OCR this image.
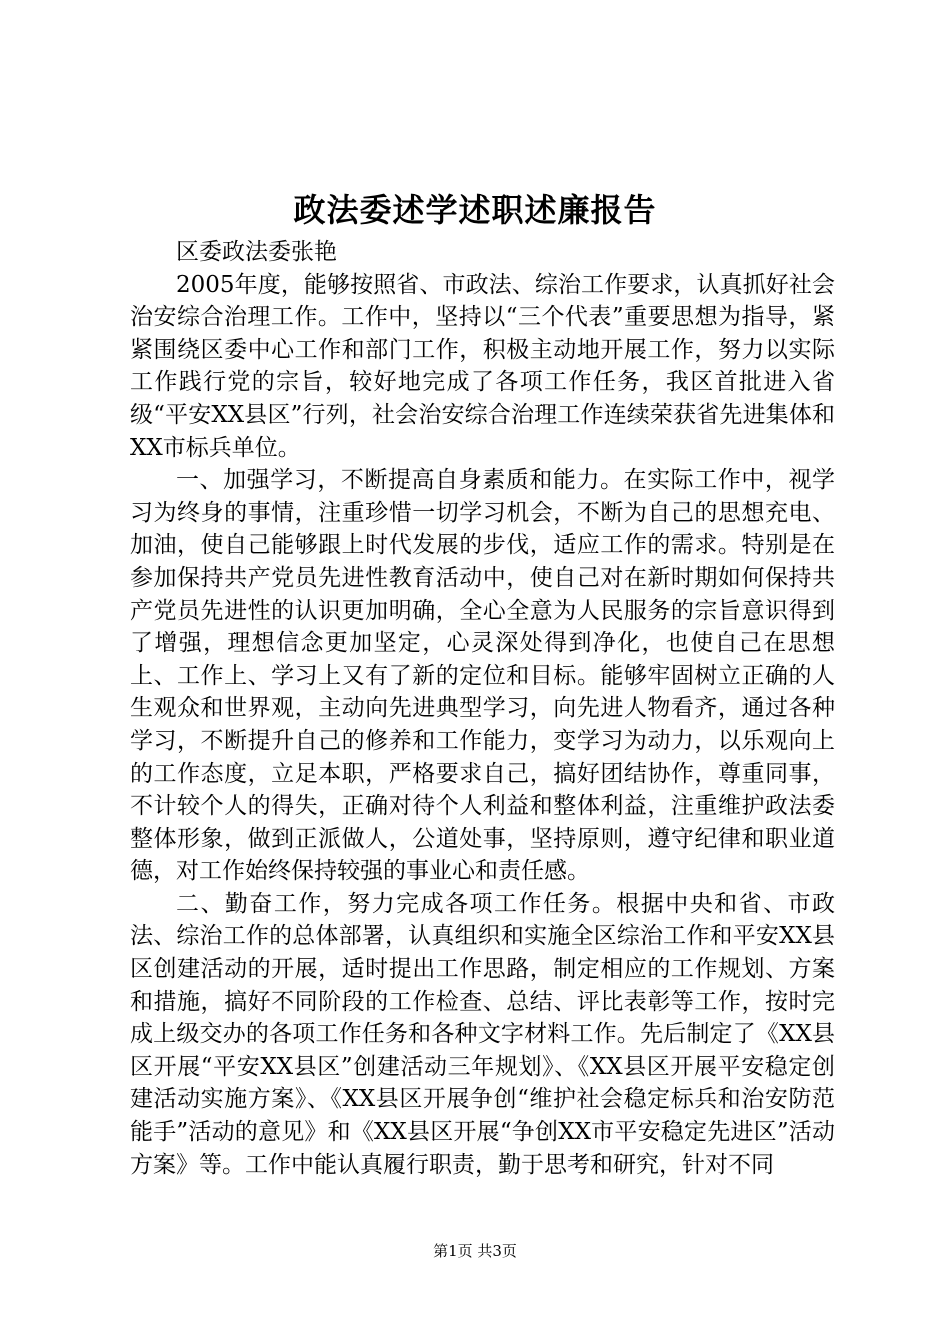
政法委述学述职述廉报告

区委政法委张艳

2005年度，能够按照省、市政法、综治工作要求，认真抓好社会治安综合治理工作。工作中，坚持以“三个代表”重要思想为指导，紧紧围绕区委中心工作和部门工作，积极主动地开展工作，努力以实际工作践行党的宗旨，较好地完成了各项工作任务，我区首批进入省级“平安XX县区”行列，社会治安综合治理工作连续荣获省先进集体和XX市标兵单位。

一、加强学习，不断提高自身素质和能力。在实际工作中，视学习为终身的事情，注重珍惜一切学习机会，不断为自己的思想充电、加油，使自己能够跟上时代发展的步伐，适应工作的需求。特别是在参加保持共产党员先进性教育活动中，使自己对在新时期如何保持共产党员先进性的认识更加明确，全心全意为人民服务的宗旨意识得到了增强，理想信念更加坚定，心灵深处得到净化，也使自己在思想上、工作上、学习上又有了新的定位和目标。能够牢固树立正确的人生观众和世界观，主动向先进典型学习，向先进人物看齐，通过各种学习，不断提升自己的修养和工作能力，变学习为动力，以乐观向上的工作态度，立足本职，严格要求自己，搞好团结协作，尊重同事，不计较个人的得失，正确对待个人利益和整体利益，注重维护政法委整体形象，做到正派做人，公道处事，坚持原则，遵守纪律和职业道德，对工作始终保持较强的事业心和责任感。

二、勤奋工作，努力完成各项工作任务。根据中央和省、市政法、综治工作的总体部署，认真组织和实施全区综治工作和平安XX县区创建活动的开展，适时提出工作思路，制定相应的工作规划、方案和措施，搞好不同阶段的工作检查、总结、评比表彰等工作，按时完成上级交办的各项工作任务和各种文字材料工作。先后制定了《XX县区开展“平安XX县区”创建活动三年规划》、《XX县区开展平安稳定创建活动实施方案》、《XX县区开展争创“维护社会稳定标兵和治安防范能手”活动的意见》和《XX县区开展“争创XX市平安稳定先进区”活动方案》等。工作中能认真履行职责，勤于思考和研究，针对不同

第1页 共3页
